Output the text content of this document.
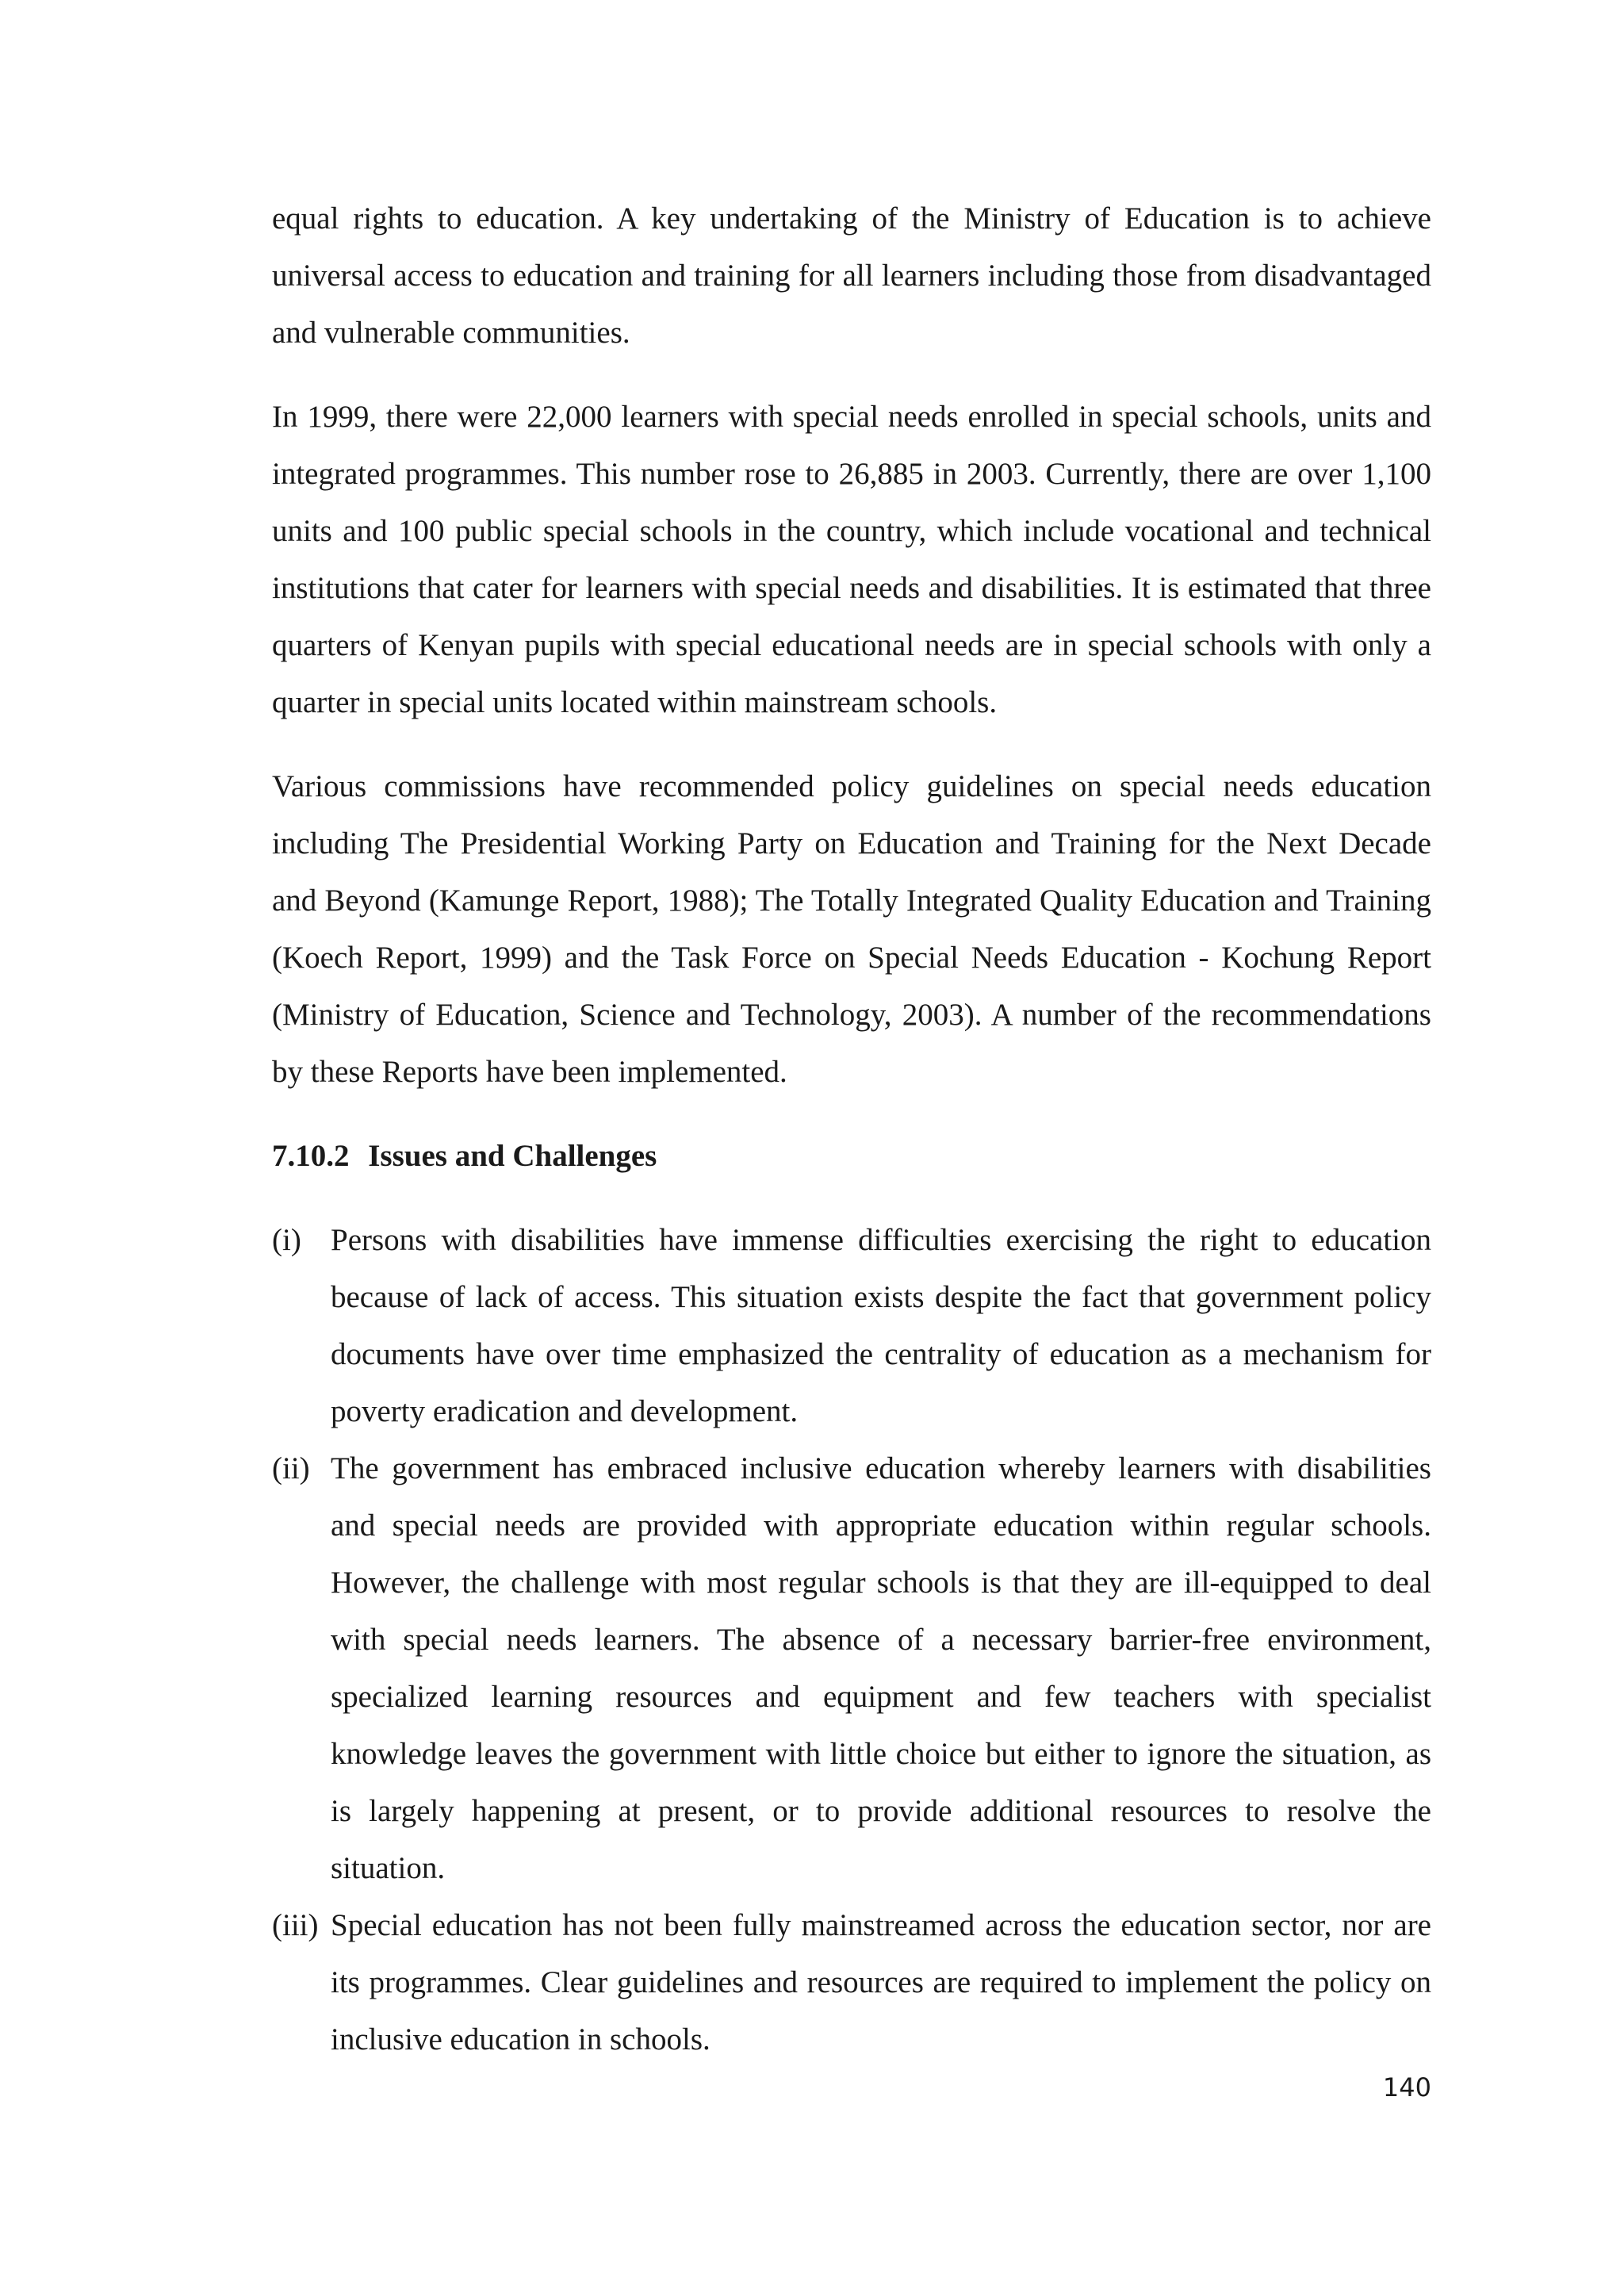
equal rights to education. A key undertaking of the Ministry of Education is to achieve universal access to education and training for all learners including those from disadvantaged and vulnerable communities.

In 1999, there were 22,000 learners with special needs enrolled in special schools, units and integrated programmes. This number rose to 26,885 in 2003. Currently, there are over 1,100 units and 100 public special schools in the country, which include vocational and technical institutions that cater for learners with special needs and disabilities. It is estimated that three quarters of Kenyan pupils with special educational needs are in special schools with only a quarter in special units located within mainstream schools.

Various commissions have recommended policy guidelines on special needs education including The Presidential Working Party on Education and Training for the Next Decade and Beyond (Kamunge Report, 1988); The Totally Integrated Quality Education and Training (Koech Report, 1999) and the Task Force on Special Needs Education - Kochung Report (Ministry of Education, Science and Technology, 2003). A number of the recommendations by these Reports have been implemented.

7.10.2 Issues and Challenges
(i) Persons with disabilities have immense difficulties exercising the right to education because of lack of access. This situation exists despite the fact that government policy documents have over time emphasized the centrality of education as a mechanism for poverty eradication and development.
(ii) The government has embraced inclusive education whereby learners with disabilities and special needs are provided with appropriate education within regular schools. However, the challenge with most regular schools is that they are ill-equipped to deal with special needs learners. The absence of a necessary barrier-free environment, specialized learning resources and equipment and few teachers with specialist knowledge leaves the government with little choice but either to ignore the situation, as is largely happening at present, or to provide additional resources to resolve the situation.
(iii) Special education has not been fully mainstreamed across the education sector, nor are its programmes. Clear guidelines and resources are required to implement the policy on inclusive education in schools.
140
